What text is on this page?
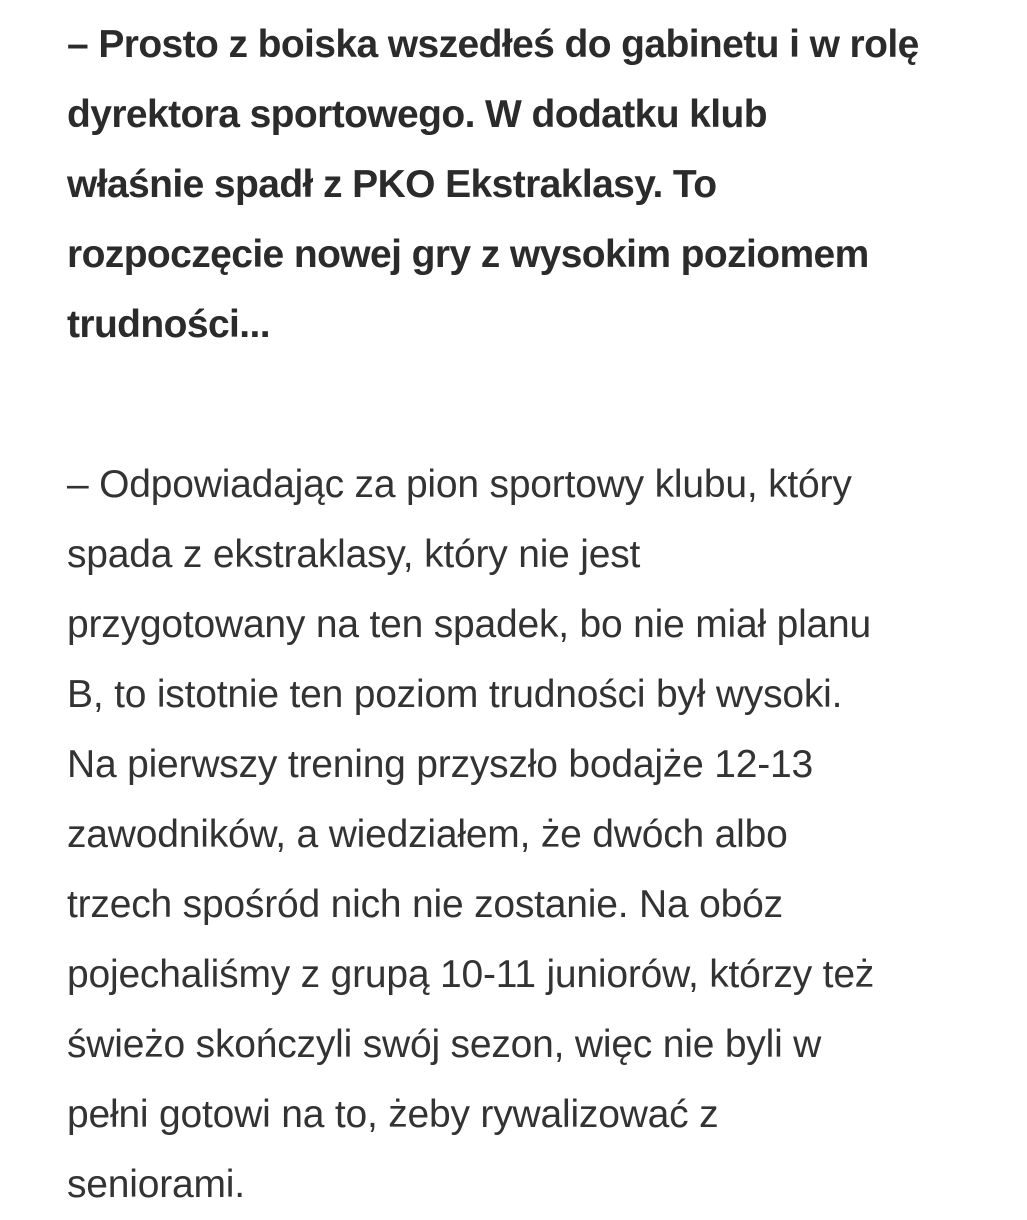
– Prosto z boiska wszedłeś do gabinetu i w rolę
dyrektora sportowego. W dodatku klub
właśnie spadł z PKO Ekstraklasy. To
rozpoczęcie nowej gry z wysokim poziomem
trudności...

– Odpowiadając za pion sportowy klubu, który
spada z ekstraklasy, który nie jest
przygotowany na ten spadek, bo nie miał planu
B, to istotnie ten poziom trudności był wysoki.
Na pierwszy trening przyszło bodajże 12-13
zawodników, a wiedziałem, że dwóch albo
trzech spośród nich nie zostanie. Na obóz
pojechaliśmy z grupą 10-11 juniorów, którzy też
świeżo skończyli swój sezon, więc nie byli w
pełni gotowi na to, żeby rywalizować z
seniorami.
